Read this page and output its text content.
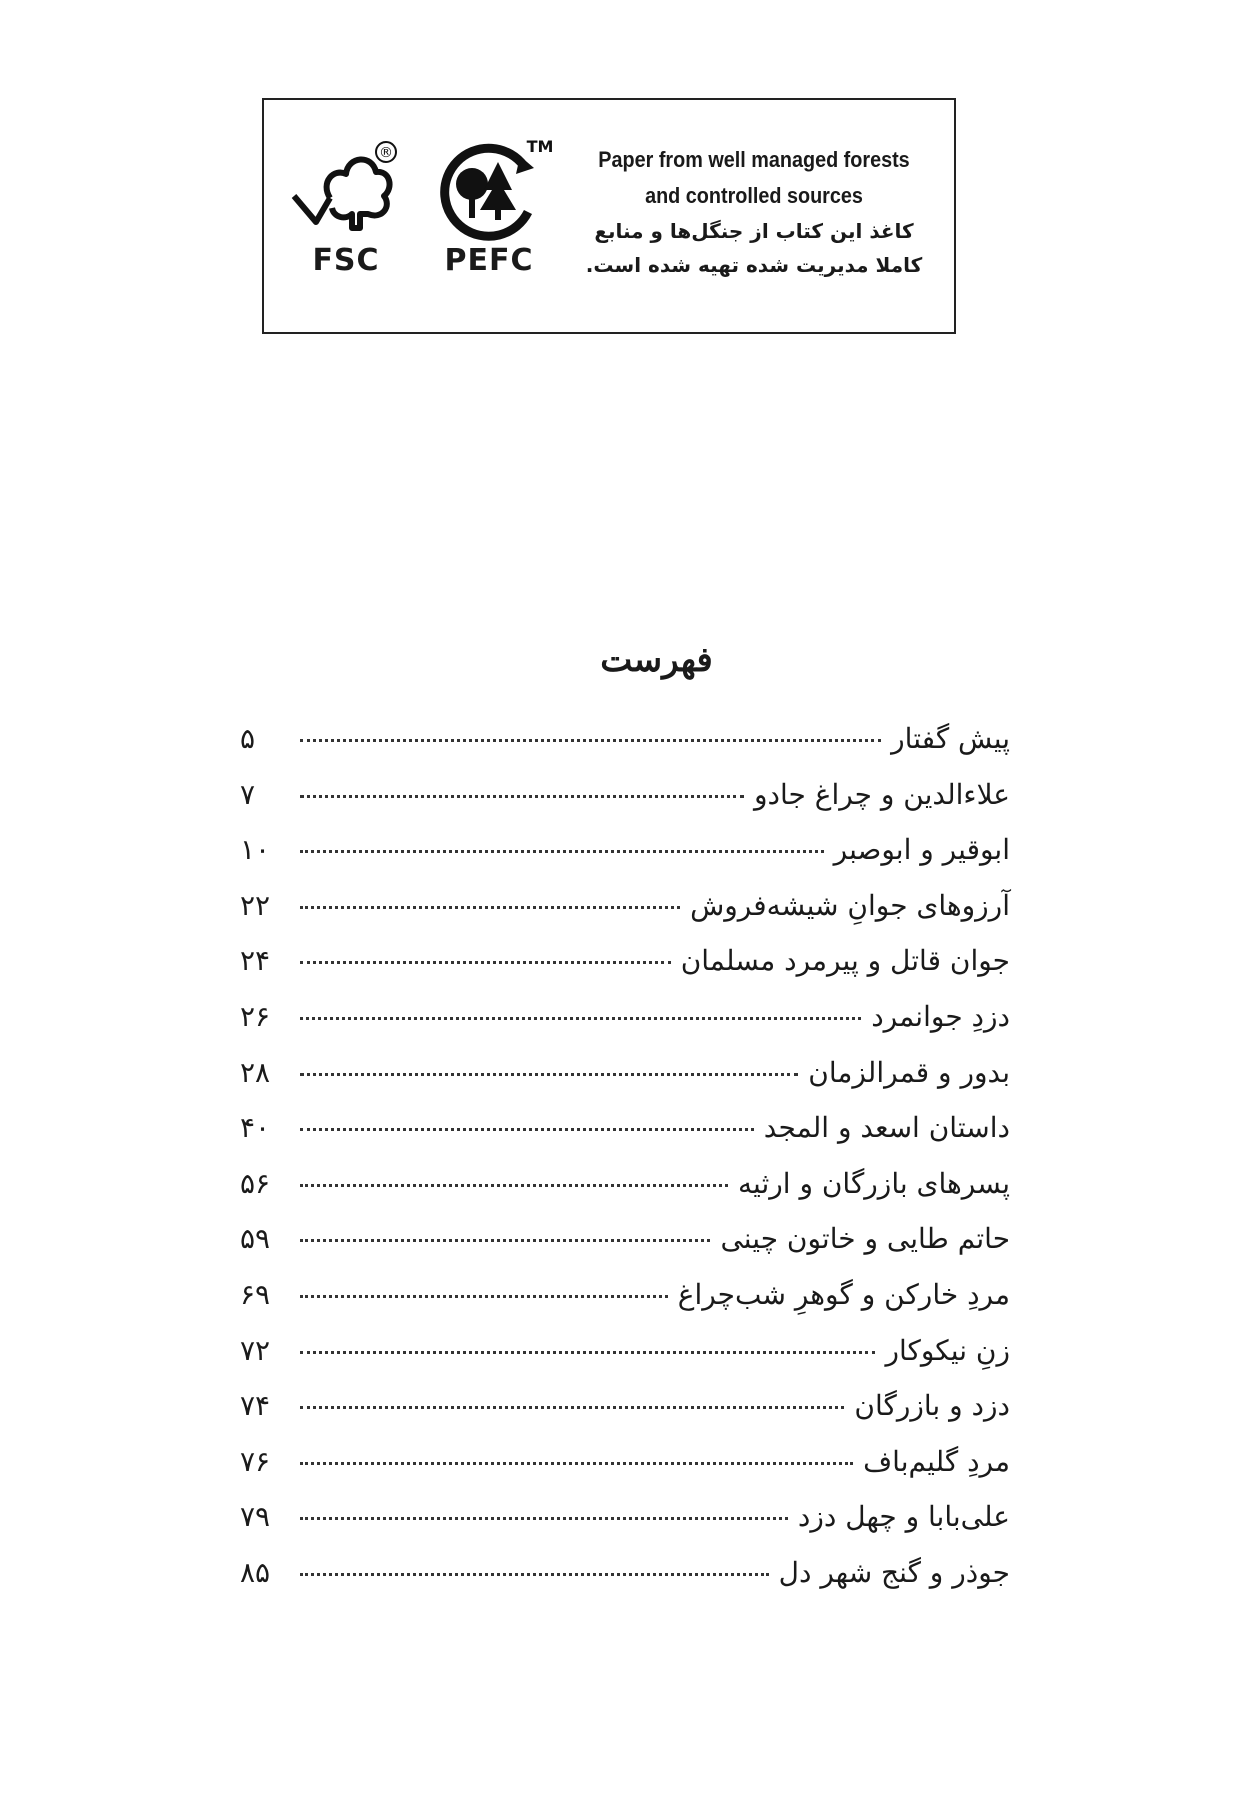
®
FSC
TM
PEFC
Paper from well managed forests
and controlled sources
کاغذ این کتاب از جنگل‌ها و منابع
کاملا مدیریت شده تهیه شده است.
فهرست
پیش گفتار
۵
علاءالدین و چراغ جادو
۷
ابوقیر و ابوصبر
۱۰
آرزوهای جوانِ شیشه‌فروش
۲۲
جوان قاتل و پیرمرد مسلمان
۲۴
دزدِ جوانمرد
۲۶
بدور و قمرالزمان
۲۸
داستان اسعد و المجد
۴۰
پسرهای بازرگان و ارثیه
۵۶
حاتم طایی و خاتون چینی
۵۹
مردِ خارکن و گوهرِ شب‌چراغ
۶۹
زنِ نیکوکار
۷۲
دزد و بازرگان
۷۴
مردِ گلیم‌باف
۷۶
علی‌بابا و چهل دزد
۷۹
جوذر و گنج شهر دل
۸۵
